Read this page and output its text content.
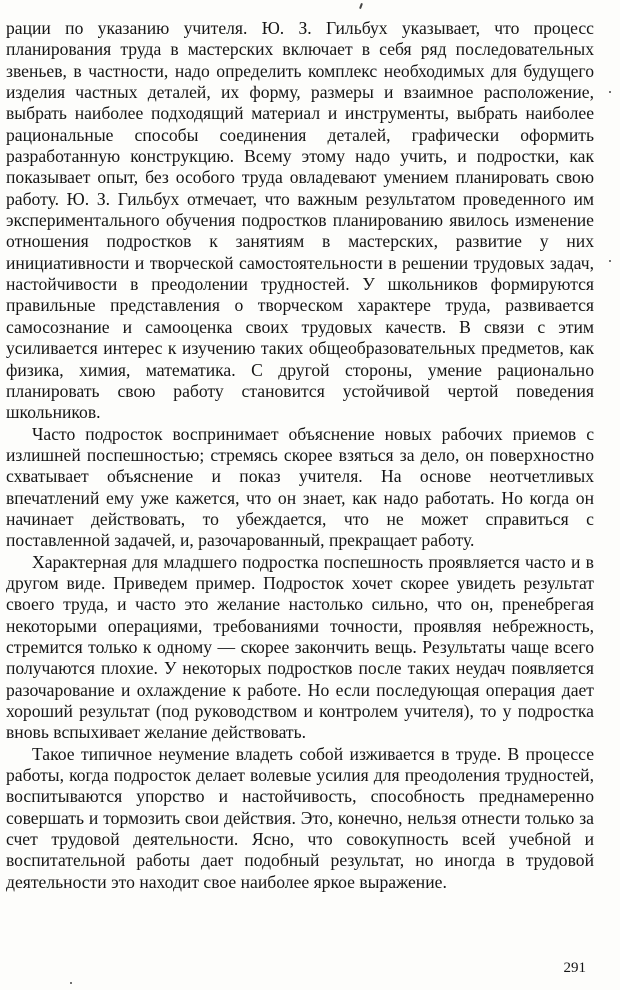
рации по указанию учителя. Ю. З. Гильбух указывает, что процесс планирования труда в мастерских включает в себя ряд последовательных звеньев, в частности, надо определить комплекс необходимых для будущего изделия частных деталей, их форму, размеры и взаимное расположение, выбрать наиболее подходящий материал и инструменты, выбрать наиболее рациональные способы соединения деталей, графически оформить разработанную конструкцию. Всему этому надо учить, и подростки, как показывает опыт, без особого труда овладевают умением планировать свою работу. Ю. З. Гильбух отмечает, что важным результатом проведенного им экспериментального обучения подростков планированию явилось изменение отношения подростков к занятиям в мастерских, развитие у них инициативности и творческой самостоятельности в решении трудовых задач, настойчивости в преодолении трудностей. У школьников формируются правильные представления о творческом характере труда, развивается самосознание и самооценка своих трудовых качеств. В связи с этим усиливается интерес к изучению таких общеобразовательных предметов, как физика, химия, математика. С другой стороны, умение рационально планировать свою работу становится устойчивой чертой поведения школьников.

Часто подросток воспринимает объяснение новых рабочих приемов с излишней поспешностью; стремясь скорее взяться за дело, он поверхностно схватывает объяснение и показ учителя. На основе неотчетливых впечатлений ему уже кажется, что он знает, как надо работать. Но когда он начинает действовать, то убеждается, что не может справиться с поставленной задачей, и, разочарованный, прекращает работу.

Характерная для младшего подростка поспешность проявляется часто и в другом виде. Приведем пример. Подросток хочет скорее увидеть результат своего труда, и часто это желание настолько сильно, что он, пренебрегая некоторыми операциями, требованиями точности, проявляя небрежность, стремится только к одному — скорее закончить вещь. Результаты чаще всего получаются плохие. У некоторых подростков после таких неудач появляется разочарование и охлаждение к работе. Но если последующая операция дает хороший результат (под руководством и контролем учителя), то у подростка вновь вспыхивает желание действовать.

Такое типичное неумение владеть собой изживается в труде. В процессе работы, когда подросток делает волевые усилия для преодоления трудностей, воспитываются упорство и настойчивость, способность преднамеренно совершать и тормозить свои действия. Это, конечно, нельзя отнести только за счет трудовой деятельности. Ясно, что совокупность всей учебной и воспитательной работы дает подобный результат, но иногда в трудовой деятельности это находит свое наиболее яркое выражение.

291
